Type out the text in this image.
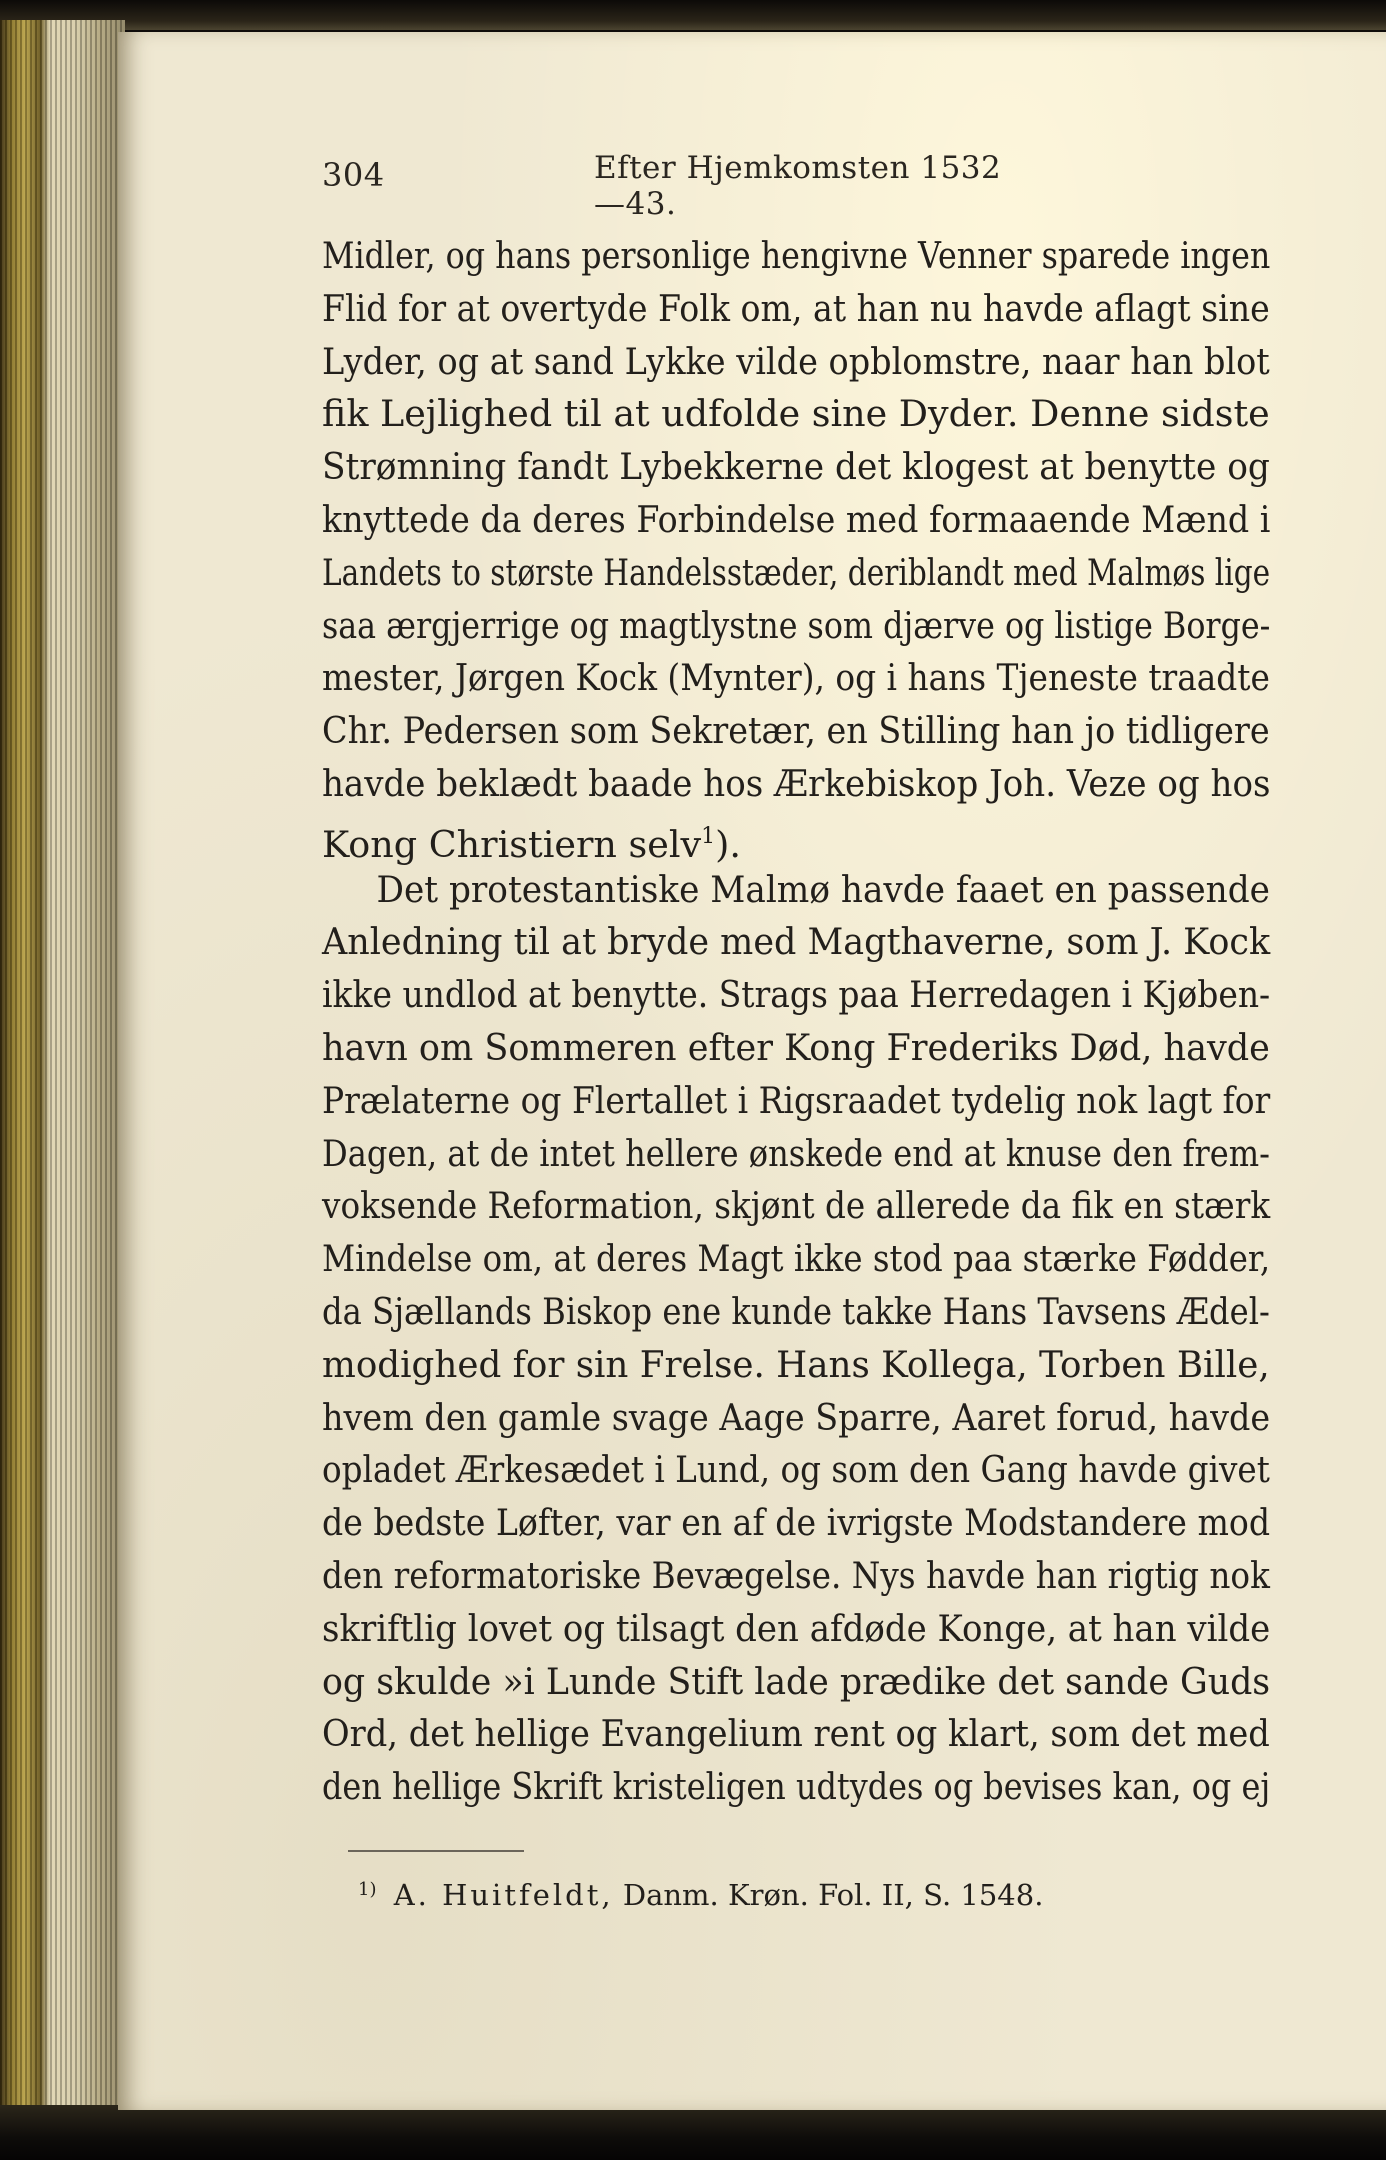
304	Efter Hjemkomsten 1532—43.
Midler, og hans personlige hengivne Venner sparede ingen
Flid for at overtyde Folk om, at han nu havde aflagt sine
Lyder, og at sand Lykke vilde opblomstre, naar han blot
fik Lejlighed til at udfolde sine Dyder. Denne sidste
Strømning fandt Lybekkerne det klogest at benytte og
knyttede da deres Forbindelse med formaaende Mænd i
Landets to største Handelsstæder, deriblandt med Malmøs lige
saa ærgjerrige og magtlystne som djærve og listige Borge-
mester, Jørgen Kock (Mynter), og i hans Tjeneste traadte
Chr. Pedersen som Sekretær, en Stilling han jo tidligere
havde beklædt baade hos Ærkebiskop Joh. Veze og hos
Kong Christiern selv$^1$).
Det protestantiske Malmø havde faaet en passende
Anledning til at bryde med Magthaverne, som J. Kock
ikke undlod at benytte. Strags paa Herredagen i Kjøben-
havn om Sommeren efter Kong Frederiks Død, havde
Prælaterne og Flertallet i Rigsraadet tydelig nok lagt for
Dagen, at de intet hellere ønskede end at knuse den frem-
voksende Reformation, skjønt de allerede da fik en stærk
Mindelse om, at deres Magt ikke stod paa stærke Fødder,
da Sjællands Biskop ene kunde takke Hans Tavsens Ædel-
modighed for sin Frelse. Hans Kollega, Torben Bille,
hvem den gamle svage Aage Sparre, Aaret forud, havde
opladet Ærkesædet i Lund, og som den Gang havde givet
de bedste Løfter, var en af de ivrigste Modstandere mod
den reformatoriske Bevægelse. Nys havde han rigtig nok
skriftlig lovet og tilsagt den afdøde Konge, at han vilde
og skulde »i Lunde Stift lade prædike det sande Guds
Ord, det hellige Evangelium rent og klart, som det med
den hellige Skrift kristeligen udtydes og bevises kan, og ej
$^{1)}$ A. Huitfeldt, Danm. Krøn. Fol. II, S. 1548.
